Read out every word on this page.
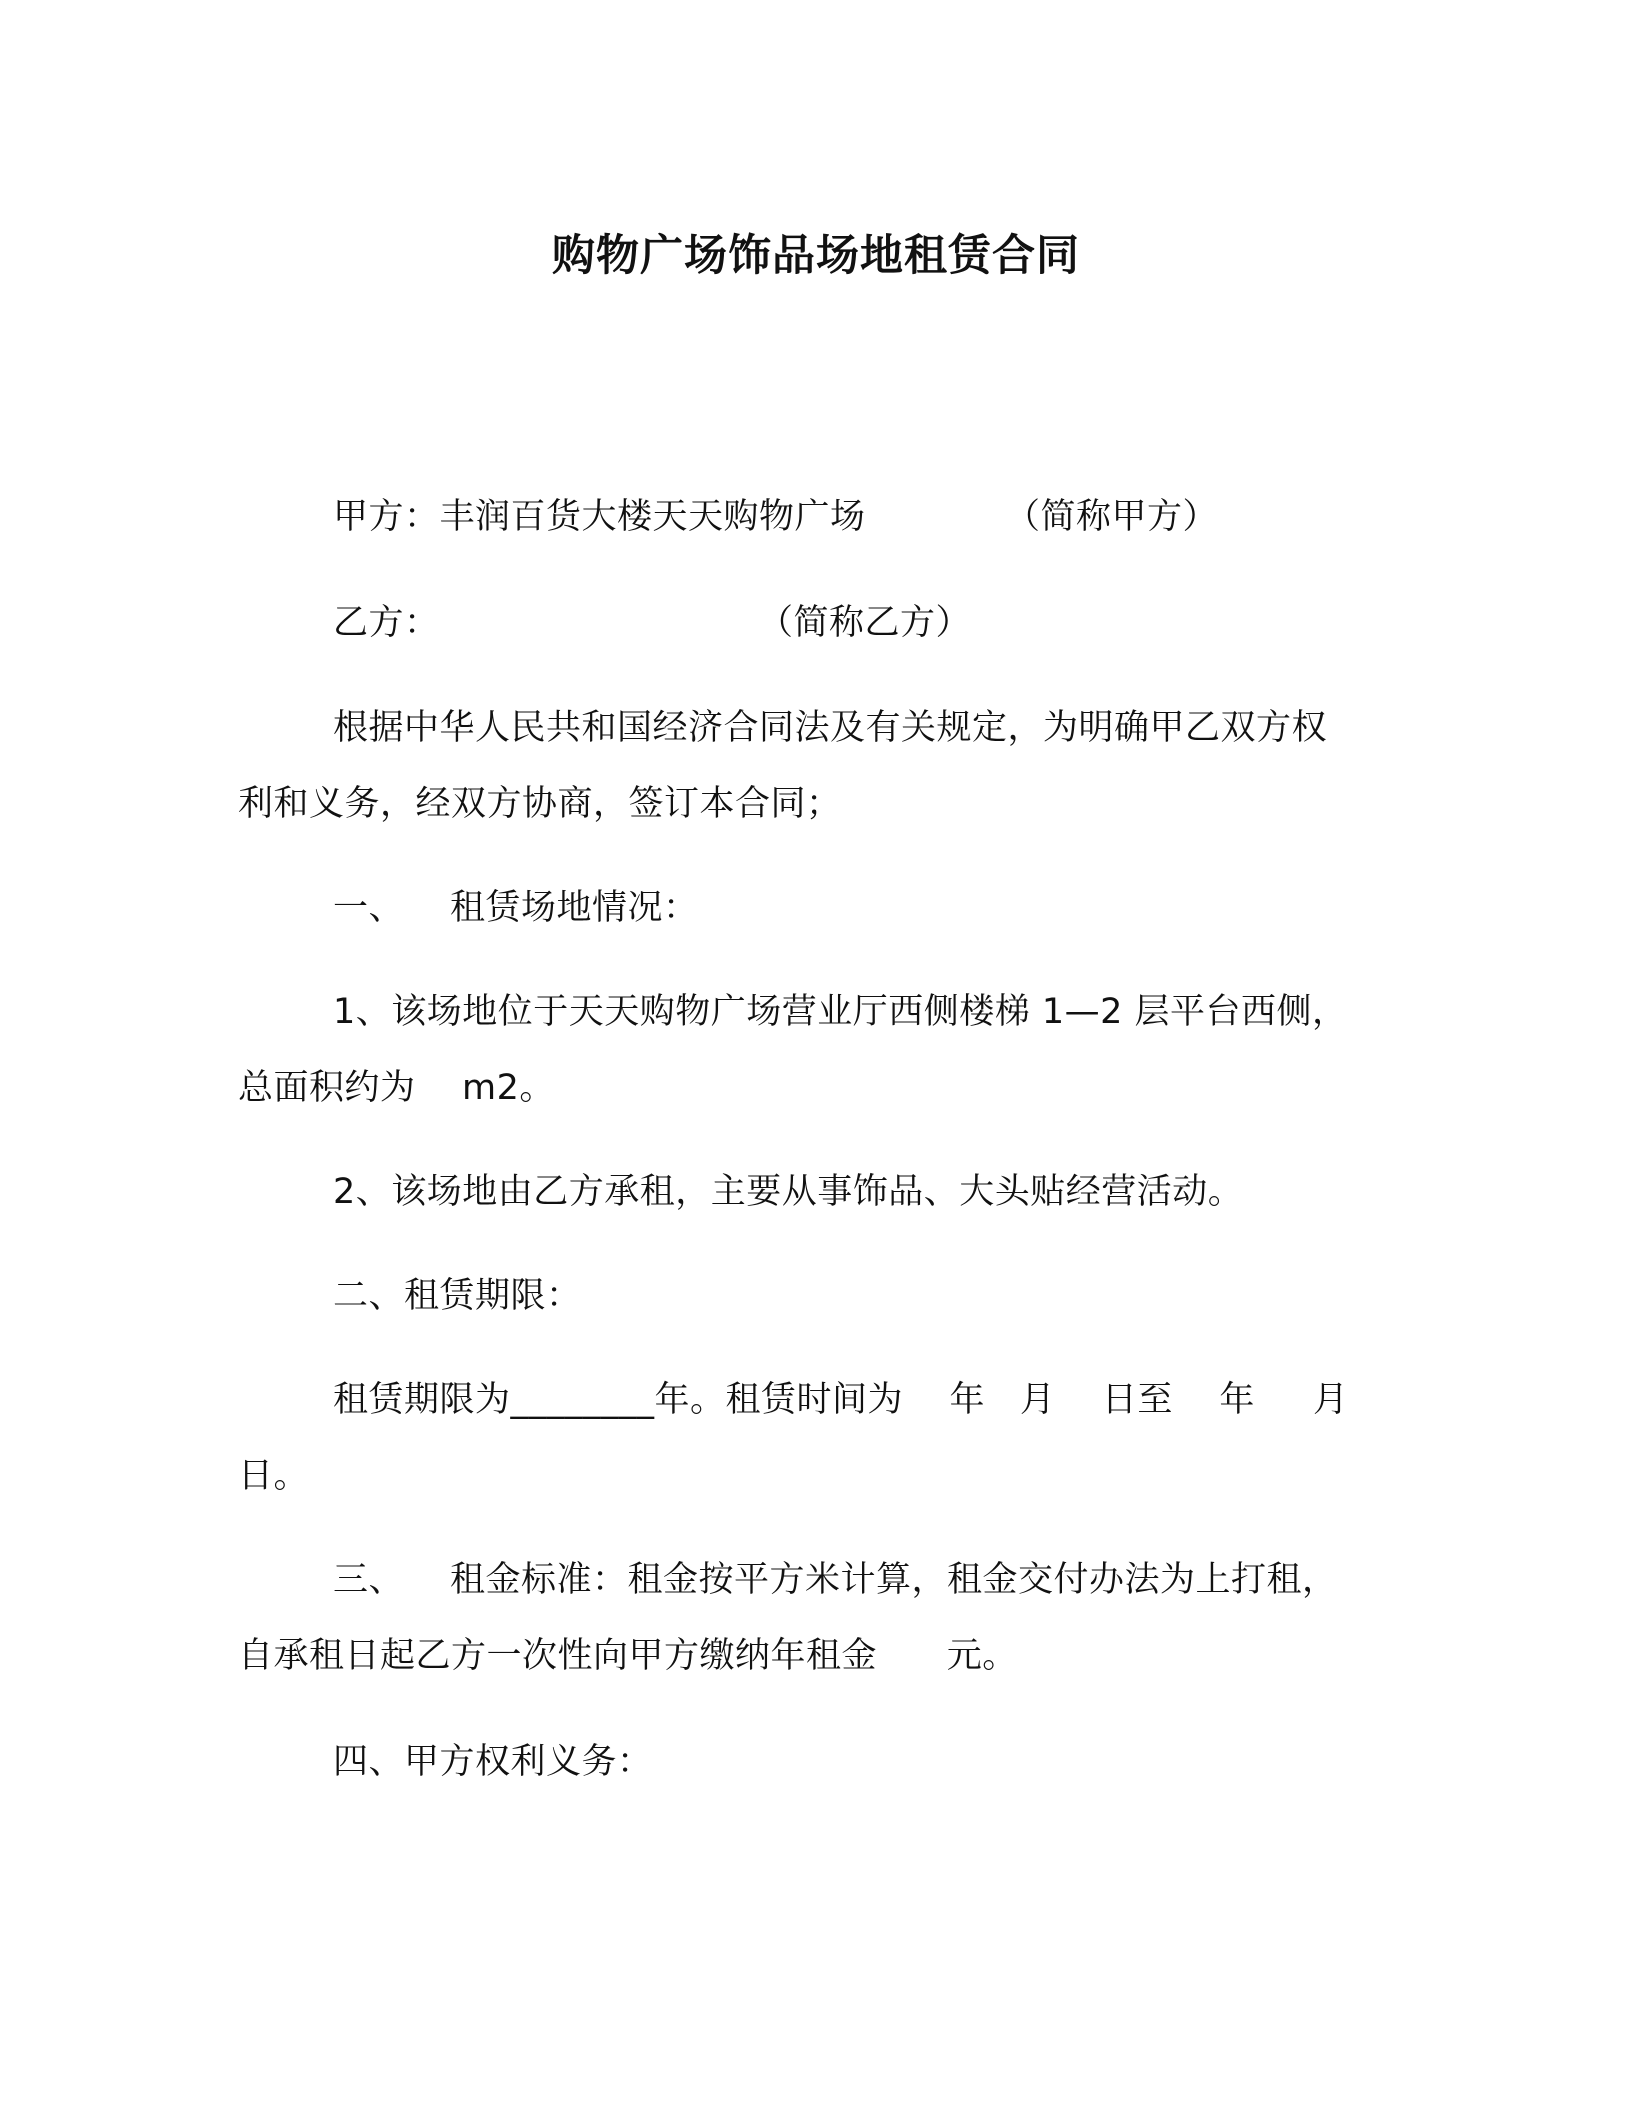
购物广场饰品场地租赁合同
甲方：丰润百货大楼天天购物广场	（简称甲方）
乙方：	（简称乙方）
根据中华人民共和国经济合同法及有关规定，为明确甲乙双方权
利和义务，经双方协商，签订本合同；
一、 租赁场地情况：
1、该场地位于天天购物广场营业厅西侧楼梯 1—2 层平台西侧，
总面积约为    m2。
2、该场地由乙方承租，主要从事饰品、大头贴经营活动。
二、租赁期限：
租赁期限为________年。租赁时间为    年   月    日至    年     月
日。
三、 租金标准：租金按平方米计算，租金交付办法为上打租，
自承租日起乙方一次性向甲方缴纳年租金      元。
四、甲方权利义务：
